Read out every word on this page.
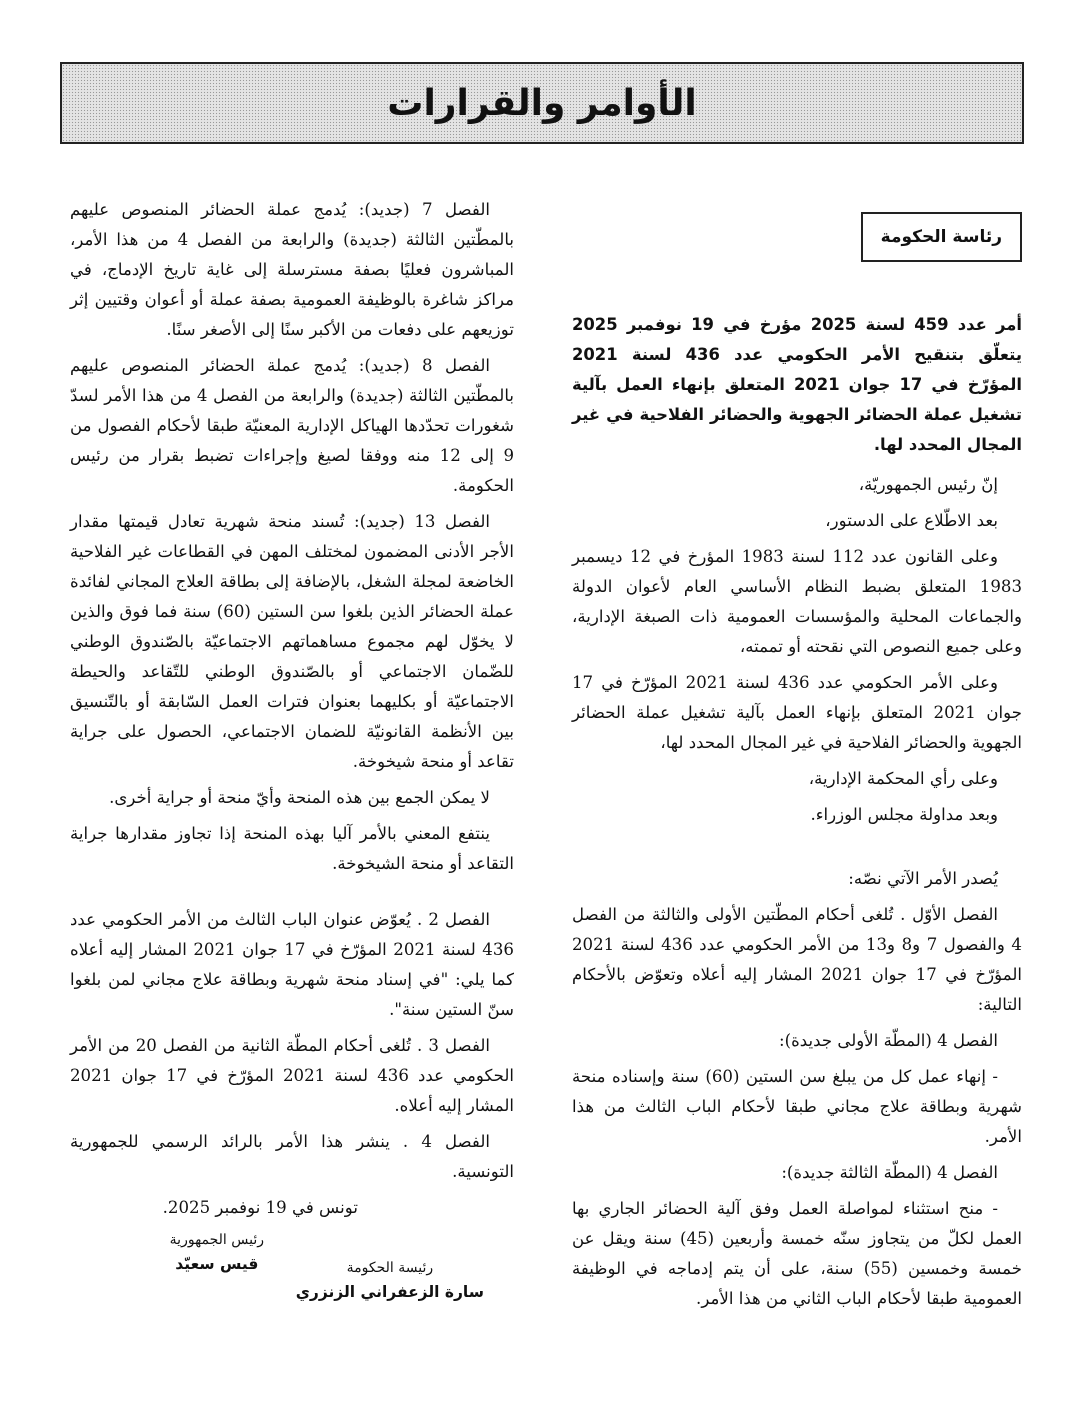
الأوامر والقرارات
رئاسة الحكومة
أمر عدد 459 لسنة 2025 مؤرخ في 19 نوفمبر 2025 يتعلّق بتنقيح الأمر الحكومي عدد 436 لسنة 2021 المؤرّخ في 17 جوان 2021 المتعلق بإنهاء العمل بآلية تشغيل عملة الحضائر الجهوية والحضائر الفلاحية في غير المجال المحدد لها.

إنّ رئيس الجمهوريّة،

بعد الاطّلاع على الدستور،

وعلى القانون عدد 112 لسنة 1983 المؤرخ في 12 ديسمبر 1983 المتعلق بضبط النظام الأساسي العام لأعوان الدولة والجماعات المحلية والمؤسسات العمومية ذات الصبغة الإدارية، وعلى جميع النصوص التي نقحته أو تممته،

وعلى الأمر الحكومي عدد 436 لسنة 2021 المؤرّخ في 17 جوان 2021 المتعلق بإنهاء العمل بآلية تشغيل عملة الحضائر الجهوية والحضائر الفلاحية في غير المجال المحدد لها،

وعلى رأي المحكمة الإدارية،

وبعد مداولة مجلس الوزراء.

يُصدر الأمر الآتي نصّه:

الفصل الأوّل . تُلغى أحكام المطّتين الأولى والثالثة من الفصل 4 والفصول 7 و8 و13 من الأمر الحكومي عدد 436 لسنة 2021 المؤرّخ في 17 جوان 2021 المشار إليه أعلاه وتعوّض بالأحكام التالية:

الفصل 4 (المطّة الأولى جديدة):

- إنهاء عمل كل من يبلغ سن الستين (60) سنة وإسناده منحة شهرية وبطاقة علاج مجاني طبقا لأحكام الباب الثالث من هذا الأمر.

الفصل 4 (المطّة الثالثة جديدة):

- منح استثناء لمواصلة العمل وفق آلية الحضائر الجاري بها العمل لكلّ من يتجاوز سنّه خمسة وأربعين (45) سنة ويقل عن خمسة وخمسين (55) سنة، على أن يتم إدماجه في الوظيفة العمومية طبقا لأحكام الباب الثاني من هذا الأمر.

الفصل 7 (جديد): يُدمج عملة الحضائر المنصوص عليهم بالمطّتين الثالثة (جديدة) والرابعة من الفصل 4 من هذا الأمر، المباشرون فعليًا بصفة مسترسلة إلى غاية تاريخ الإدماج، في مراكز شاغرة بالوظيفة العمومية بصفة عملة أو أعوان وقتيين إثر توزيعهم على دفعات من الأكبر سنًا إلى الأصغر سنًا.

الفصل 8 (جديد): يُدمج عملة الحضائر المنصوص عليهم بالمطّتين الثالثة (جديدة) والرابعة من الفصل 4 من هذا الأمر لسدّ شغورات تحدّدها الهياكل الإدارية المعنيّة طبقا لأحكام الفصول من 9 إلى 12 منه ووفقا لصيغ وإجراءات تضبط بقرار من رئيس الحكومة.

الفصل 13 (جديد): تُسند منحة شهرية تعادل قيمتها مقدار الأجر الأدنى المضمون لمختلف المهن في القطاعات غير الفلاحية الخاضعة لمجلة الشغل، بالإضافة إلى بطاقة العلاج المجاني لفائدة عملة الحضائر الذين بلغوا سن الستين (60) سنة فما فوق والذين لا يخوّل لهم مجموع مساهماتهم الاجتماعيّة بالصّندوق الوطني للضّمان الاجتماعي أو بالصّندوق الوطني للتّقاعد والحيطة الاجتماعيّة أو بكليهما بعنوان فترات العمل السّابقة أو بالتّنسيق بين الأنظمة القانونيّة للضمان الاجتماعي، الحصول على جراية تقاعد أو منحة شيخوخة.

لا يمكن الجمع بين هذه المنحة وأيّ منحة أو جراية أخرى.

ينتفع المعني بالأمر آليا بهذه المنحة إذا تجاوز مقدارها جراية التقاعد أو منحة الشيخوخة.

الفصل 2 . يُعوّض عنوان الباب الثالث من الأمر الحكومي عدد 436 لسنة 2021 المؤرّخ في 17 جوان 2021 المشار إليه أعلاه كما يلي: "في إسناد منحة شهرية وبطاقة علاج مجاني لمن بلغوا سنّ الستين سنة".

الفصل 3 . تُلغى أحكام المطّة الثانية من الفصل 20 من الأمر الحكومي عدد 436 لسنة 2021 المؤرّخ في 17 جوان 2021 المشار إليه أعلاه.

الفصل 4 . ينشر هذا الأمر بالرائد الرسمي للجمهورية التونسية.

تونس في 19 نوفمبر 2025.

رئيس الجمهورية
قيس سعيّد	رئيسة الحكومة
سارة الزعفراني الزنزري
